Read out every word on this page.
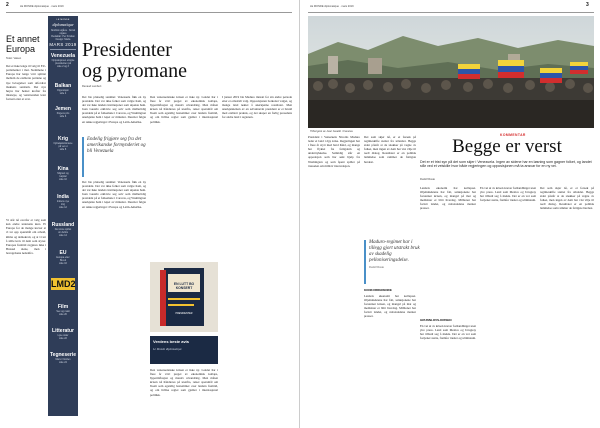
2	LE MONDE diplomatique · mars 2019
LE MONDE
diplomatique
Nordisk utgåva · Norsk utgave
Redaktør: Per Kristian
Design: Maria
MARS 2019
Venezuela
Opposisjonen utropte
presidenten på
side 2 og 3
Balkan
Opposisjon
side 4
Jemen
Krigens pris
side 6
Krig
Nyttelaskoloniene
på vei ut
side 8
Kina
Migrant og
kapital
side 10
India
Indiens nye
krig
side 12
Russland
Det store spillet
om Arktis
side 14
EU
Europa etter
Brexit
side 16
LMD2
Film
Sex og makt
side 20
Litteratur
Lyse sider
side 22
Tegneserie
Mars i Norden
side 24
Et annet Europa
Tekst: Vaisen
Det er ikke lenge til valg til EU-parlamentet i mai. Stemmene i Europa har lenge vært splittet mellom de etablerte partiene og nye bevegelser som utfordrer maktens sentrum. Det nye høyre har hentet krefter fra misnøye, og venstresiden leter fortsatt etter et svar.
Vi står nå overfor et valg som kan endre unionens kurs. Et Europa for de mange krever at vi tar opp spørsmål om arbeid, klima og demokrati, og at vi tør å stille krav til dem som styrer. Europas fremtid avgjøres ikke i Brussel alene, men i bevegelsene nedenfra.
Presidenter
og pyromane
Renaud Lambert
Det ble plutselig sannhet: Venezuela fikk en ny president. Det var ikke folket som valgte ham, og det var ikke landets institusjoner som utpekte ham. Juan Guaidó erklærte seg selv som midlertidig president på et folkemøte i Caracas, og Washington anerkjente ham i løpet av minutter. Deretter fulgte en rekke regjeringer i Europa og Latin-Amerika.
Endelig frigjøre seg fra det amerikanske formynderiet og bli Venezuela
Det ble plutselig sannhet: Venezuela fikk en ny president. Det var ikke folket som valgte ham, og det var ikke landets institusjoner som utpekte ham. Juan Guaidó erklærte seg selv som midlertidig president på et folkemøte i Caracas, og Washington anerkjente ham i løpet av minutter. Deretter fulgte en rekke regjeringer i Europa og Latin-Amerika.
Den venezuelanske krisen er ikke ny. Landet har i flere år vært preget av økonomisk kollaps, hyperinflasjon og massiv utvandring. Men måten krisen nå håndteres på utenfra, reiser spørsmål om hvem som egentlig bestemmer over landets fremtid, og om hvilke regler som gjelder i internasjonal politikk.
I januar 2019 ble Maduro innsatt for sin andre periode etter et omstridt valg. Opposisjonen boikottet valget, og mange land nektet å anerkjenne resultatet. Men anerkjennelsen av en selvutnevnt president er et brudd med etablert praksis, og det skaper en farlig presedens for andre land i regionen.
EN LUTT BO KONSERT
PRESIDENTER
Verdens beste avis
Le Monde diplomatique
Den venezuelanske krisen er ikke ny. Landet har i flere år vært preget av økonomisk kollaps, hyperinflasjon og massiv utvandring. Men måten krisen nå håndteres på utenfra, reiser spørsmål om hvem som egentlig bestemmer over landets fremtid, og om hvilke regler som gjelder i internasjonal politikk.
LE MONDE diplomatique · mars 2019	3
Tilhengere av Juan Guaidó i Caracas
KOMMENTAR
Begge er verst
Det er et trist syn på det som skjer i Venezuela. Ingen av sidene har en løsning som gagner folket, og landet står ved et veiskille hvor både regjeringen og opposisjonen må ta ansvar for en ny vei.
Rudolf Roste
President i Venezuela Nicolás Maduro leder et land i dyp krise. Regjeringen har i flere år styrt med hard hånd, og mange har flyktet fra fattigdom og undertrykkelse. Samtidig står en opposisjon som har søkt hjelp fra Washington og som åpent spiller på trusselen om militær intervensjon.
Det som skjer nå, er et forsøk på regimeskifte støttet fra utlandet. Begge sider påstår at de snakker på vegne av folket, men ingen av dem har vist vilje til reell dialog. Resultatet er en politisk lammelse som rammer de fattigste hardest.
KONKURRERENDE
Landets økonomi har kollapset. Oljeinntektene har falt, sanksjonene har forsterket krisen, og mangel på mat og medisiner er blitt hverdag. Millioner har forlatt landet, og nabolandene merker presset.
Landets økonomi har kollapset. Oljeinntektene har falt, sanksjonene har forsterket krisen, og mangel på mat og medisiner er blitt hverdag. Millioner har forlatt landet, og nabolandene merker presset.
GRUNNLOVS-KRISEN
En vei ut av krisen krever forhandlinger uten ytre press. Land som Mexico og Uruguay har tilbudt seg å mekle. Det er en vei som fortjener støtte, fremfor trusler og ultimatum.
En vei ut av krisen krever forhandlinger uten ytre press. Land som Mexico og Uruguay har tilbudt seg å mekle. Det er en vei som fortjener støtte, fremfor trusler og ultimatum.
Det som skjer nå, er et forsøk på regimeskifte støttet fra utlandet. Begge sider påstår at de snakker på vegne av folket, men ingen av dem har vist vilje til reell dialog. Resultatet er en politisk lammelse som rammer de fattigste hardest.
Maduro-regimet har i tillegg gjort utstrakt bruk av skadelig pelloniseringsdelse.
Rudolf Roste
